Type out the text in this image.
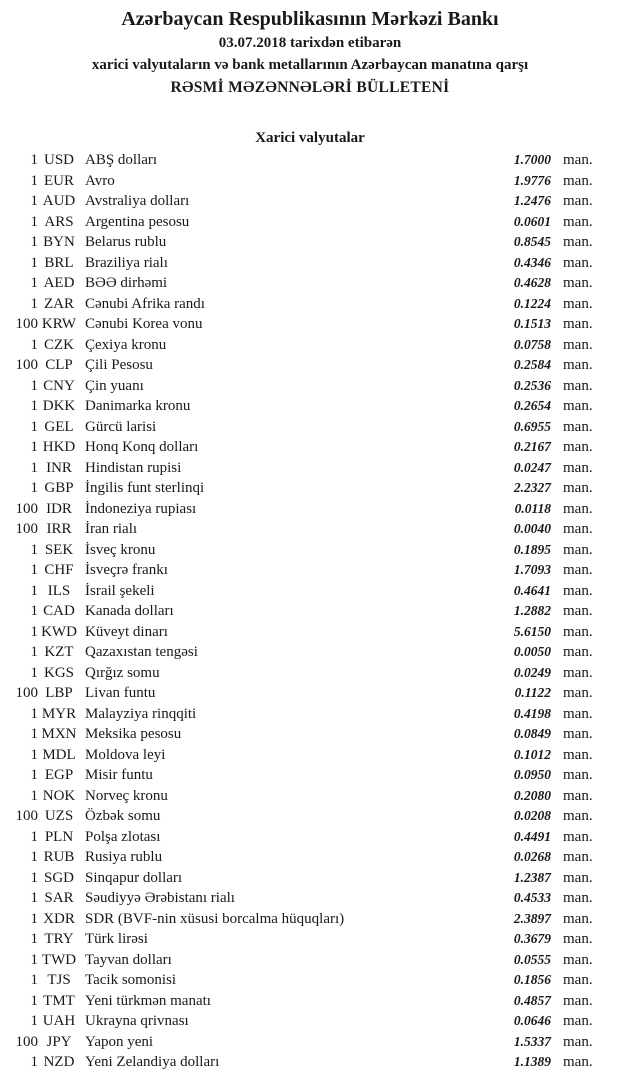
Azərbaycan Respublikasının Mərkəzi Bankı
03.07.2018 tarixdən etibarən
xarici valyutaların və bank metallarının Azərbaycan manatına qarşı
RƏSMİ MƏZƏNNƏLƏRİ BÜLLETENİ
Xarici valyutalar
1 USD ABŞ dolları	1.7000 man.
1 EUR Avro	1.9776 man.
1 AUD Avstraliya dolları	1.2476 man.
1 ARS Argentina pesosu	0.0601 man.
1 BYN Belarus rublu	0.8545 man.
1 BRL Braziliya rialı	0.4346 man.
1 AED BƏƏ dirhəmi	0.4628 man.
1 ZAR Cənubi Afrika randı	0.1224 man.
100 KRW Cənubi Korea vonu	0.1513 man.
1 CZK Çexiya kronu	0.0758 man.
100 CLP Çili Pesosu	0.2584 man.
1 CNY Çin yuanı	0.2536 man.
1 DKK Danimarka kronu	0.2654 man.
1 GEL Gürcü larisi	0.6955 man.
1 HKD Honq Konq dolları	0.2167 man.
1 INR Hindistan rupisi	0.0247 man.
1 GBP İngilis funt sterlinqi	2.2327 man.
100 IDR İndoneziya rupiası	0.0118 man.
100 IRR İran rialı	0.0040 man.
1 SEK İsveç kronu	0.1895 man.
1 CHF İsveçrə frankı	1.7093 man.
1 ILS İsrail şekeli	0.4641 man.
1 CAD Kanada dolları	1.2882 man.
1 KWD Küveyt dinarı	5.6150 man.
1 KZT Qazaxıstan tengəsi	0.0050 man.
1 KGS Qırğız somu	0.0249 man.
100 LBP Livan funtu	0.1122 man.
1 MYR Malayziya rinqqiti	0.4198 man.
1 MXN Meksika pesosu	0.0849 man.
1 MDL Moldova leyi	0.1012 man.
1 EGP Misir funtu	0.0950 man.
1 NOK Norveç kronu	0.2080 man.
100 UZS Özbək somu	0.0208 man.
1 PLN Polşa zlotası	0.4491 man.
1 RUB Rusiya rublu	0.0268 man.
1 SGD Sinqapur dolları	1.2387 man.
1 SAR Səudiyyə Ərəbistanı rialı	0.4533 man.
1 XDR SDR (BVF-nin xüsusi borcalma hüquqları)	2.3897 man.
1 TRY Türk lirəsi	0.3679 man.
1 TWD Tayvan dolları	0.0555 man.
1 TJS Tacik somonisi	0.1856 man.
1 TMT Yeni türkmən manatı	0.4857 man.
1 UAH Ukrayna qrivnası	0.0646 man.
100 JPY Yapon yeni	1.5337 man.
1 NZD Yeni Zelandiya dolları	1.1389 man.
